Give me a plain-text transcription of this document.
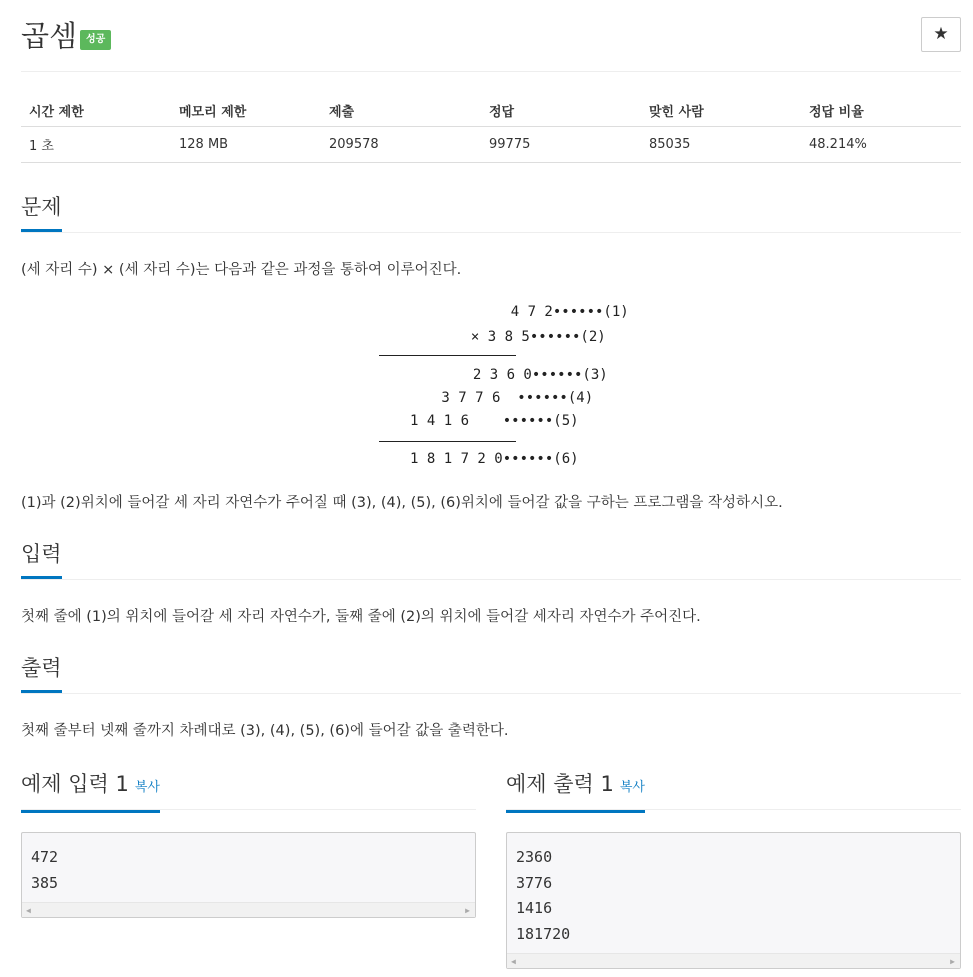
곱셈 성공	★
시간 제한	메모리 제한	제출	정답	맞힌 사람	정답 비율
1 초	128 MB	209578	99775	85035	48.214%
문제
(세 자리 수) × (세 자리 수)는 다음과 같은 과정을 통하여 이루어진다.
4 7 2••••••(1)
× 3 8 5••••••(2)
2 3 6 0••••••(3)
3 7 7 6  ••••••(4)
1 4 1 6    ••••••(5)
1 8 1 7 2 0••••••(6)
(1)과 (2)위치에 들어갈 세 자리 자연수가 주어질 때 (3), (4), (5), (6)위치에 들어갈 값을 구하는 프로그램을 작성하시오.
입력
첫째 줄에 (1)의 위치에 들어갈 세 자리 자연수가, 둘째 줄에 (2)의 위치에 들어갈 세자리 자연수가 주어진다.
출력
첫째 줄부터 넷째 줄까지 차례대로 (3), (4), (5), (6)에 들어갈 값을 출력한다.
예제 입력 1 복사
472
385
◀	▶
예제 출력 1 복사
2360
3776
1416
181720
◀	▶
